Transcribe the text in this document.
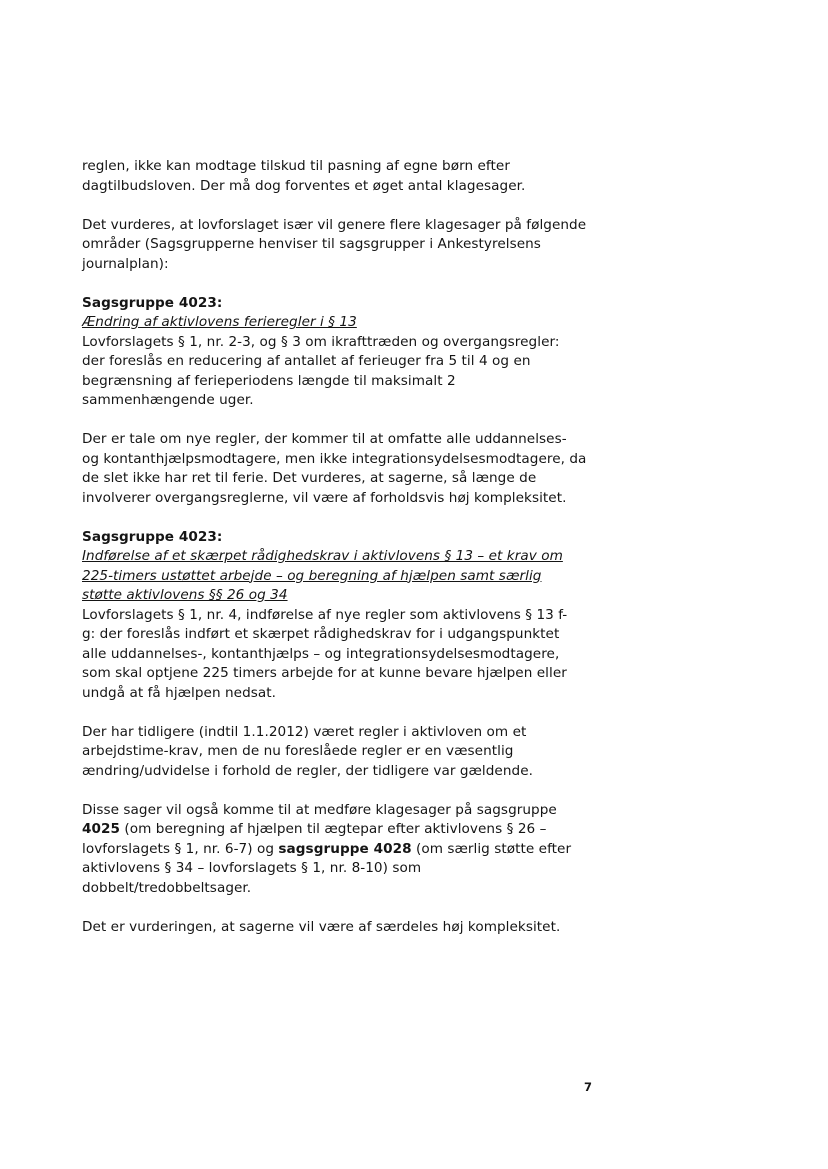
reglen, ikke kan modtage tilskud til pasning af egne børn efter
dagtilbudsloven. Der må dog forventes et øget antal klagesager.

Det vurderes, at lovforslaget især vil genere flere klagesager på følgende
områder (Sagsgrupperne henviser til sagsgrupper i Ankestyrelsens
journalplan):

Sagsgruppe 4023:
Ændring af aktivlovens ferieregler i § 13
Lovforslagets § 1, nr. 2-3, og § 3 om ikrafttræden og overgangsregler:
der foreslås en reducering af antallet af ferieuger fra 5 til 4 og en
begrænsning af ferieperiodens længde til maksimalt 2
sammenhængende uger.

Der er tale om nye regler, der kommer til at omfatte alle uddannelses-
og kontanthjælpsmodtagere, men ikke integrationsydelsesmodtagere, da
de slet ikke har ret til ferie. Det vurderes, at sagerne, så længe de
involverer overgangsreglerne, vil være af forholdsvis høj kompleksitet.

Sagsgruppe 4023:
Indførelse af et skærpet rådighedskrav i aktivlovens § 13 – et krav om
225-timers ustøttet arbejde – og beregning af hjælpen samt særlig
støtte aktivlovens §§ 26 og 34
Lovforslagets § 1, nr. 4, indførelse af nye regler som aktivlovens § 13 f-
g: der foreslås indført et skærpet rådighedskrav for i udgangspunktet
alle uddannelses-, kontanthjælps – og integrationsydelsesmodtagere,
som skal optjene 225 timers arbejde for at kunne bevare hjælpen eller
undgå at få hjælpen nedsat.

Der har tidligere (indtil 1.1.2012) været regler i aktivloven om et
arbejdstime-krav, men de nu foreslåede regler er en væsentlig
ændring/udvidelse i forhold de regler, der tidligere var gældende.

Disse sager vil også komme til at medføre klagesager på sagsgruppe
4025 (om beregning af hjælpen til ægtepar efter aktivlovens § 26 –
lovforslagets § 1, nr. 6-7) og sagsgruppe 4028 (om særlig støtte efter
aktivlovens § 34 – lovforslagets § 1, nr. 8-10) som
dobbelt/tredobbeltsager.

Det er vurderingen, at sagerne vil være af særdeles høj kompleksitet.

7
